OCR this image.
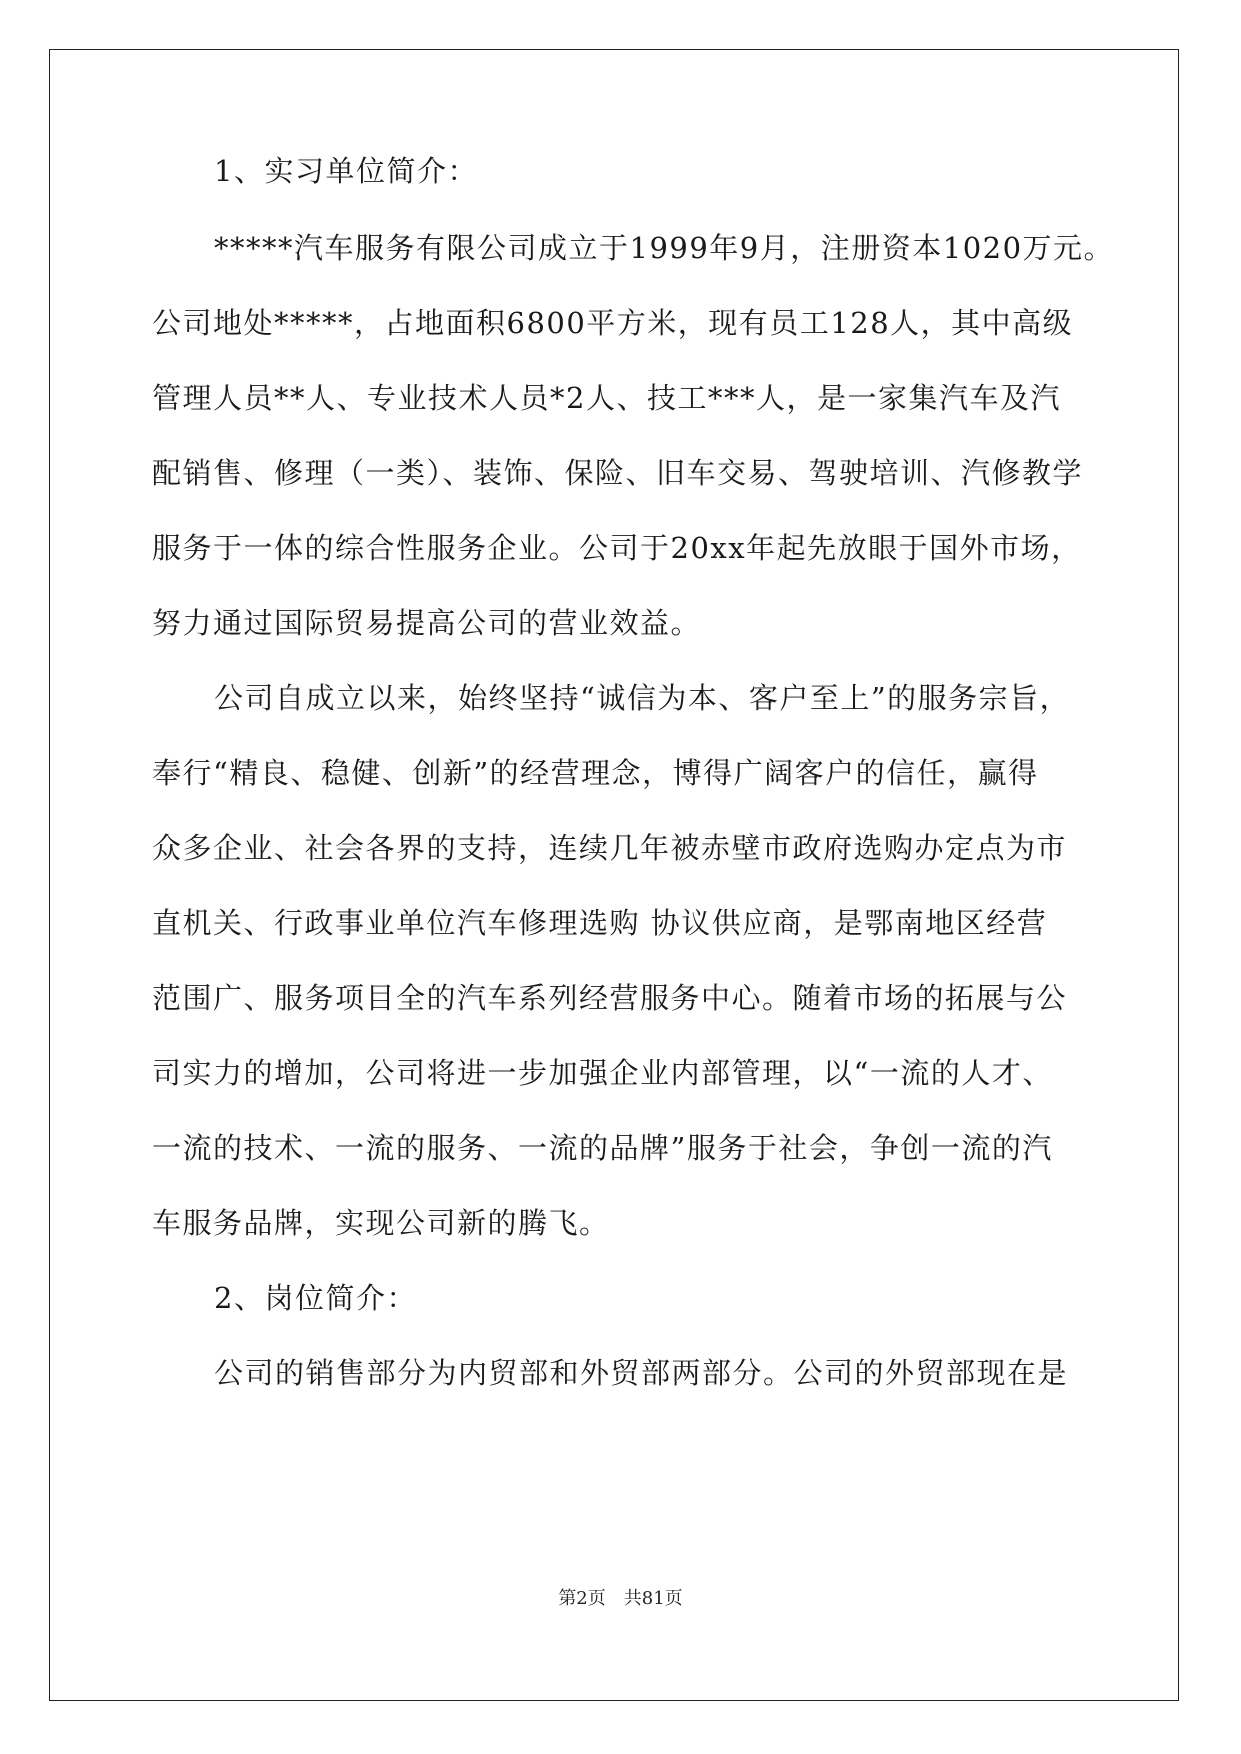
1、实习单位简介：
*****汽车服务有限公司成立于1999年9月，注册资本1020万元。
公司地处*****，占地面积6800平方米，现有员工128人，其中高级
管理人员**人、专业技术人员*2人、技工***人，是一家集汽车及汽
配销售、修理（一类）、装饰、保险、旧车交易、驾驶培训、汽修教学
服务于一体的综合性服务企业。公司于20xx年起先放眼于国外市场，
努力通过国际贸易提高公司的营业效益。
公司自成立以来，始终坚持“诚信为本、客户至上”的服务宗旨，
奉行“精良、稳健、创新”的经营理念，博得广阔客户的信任，赢得
众多企业、社会各界的支持，连续几年被赤壁市政府选购办定点为市
直机关、行政事业单位汽车修理选购 协议供应商，是鄂南地区经营
范围广、服务项目全的汽车系列经营服务中心。随着市场的拓展与公
司实力的增加，公司将进一步加强企业内部管理，以“一流的人才、
一流的技术、一流的服务、一流的品牌”服务于社会，争创一流的汽
车服务品牌，实现公司新的腾飞。
2、岗位简介：
公司的销售部分为内贸部和外贸部两部分。公司的外贸部现在是
第2页 共81页
